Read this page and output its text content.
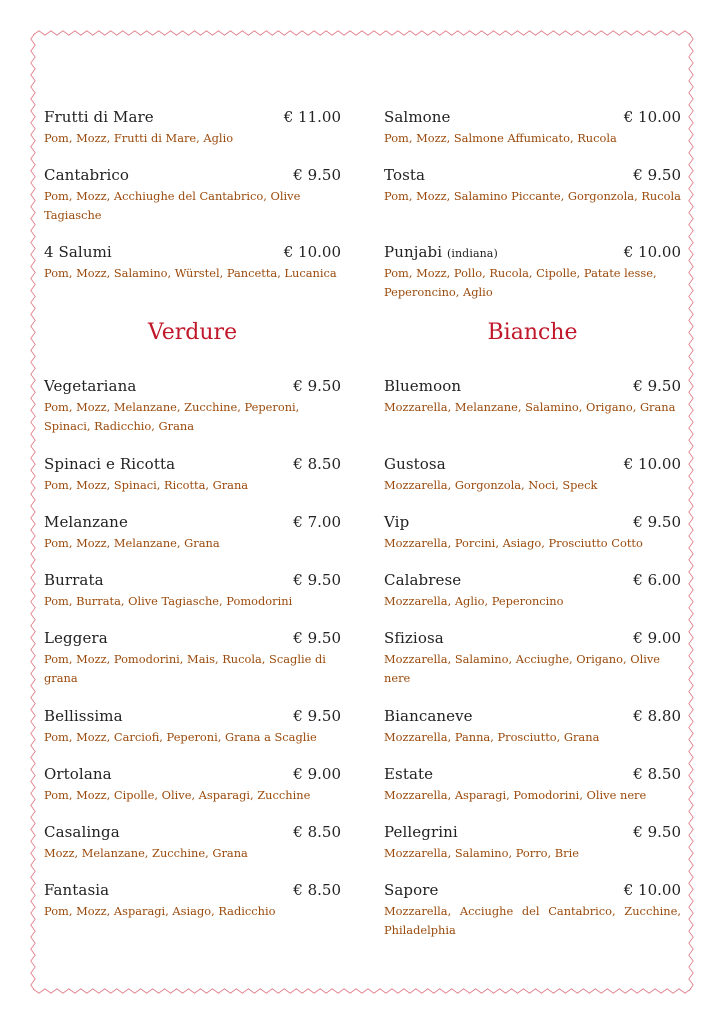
Frutti di Mare	€ 11.00
Pom, Mozz, Frutti di Mare, Aglio
Cantabrico	€ 9.50
Pom, Mozz, Acchiughe del Cantabrico, Olive Tagiasche
4 Salumi	€ 10.00
Pom, Mozz, Salamino, Würstel, Pancetta, Lucanica
Verdure
Vegetariana	€ 9.50
Pom, Mozz, Melanzane, Zucchine, Peperoni, Spinaci, Radicchio, Grana
Spinaci e Ricotta	€ 8.50
Pom, Mozz, Spinaci, Ricotta, Grana
Melanzane	€ 7.00
Pom, Mozz, Melanzane, Grana
Burrata	€ 9.50
Pom, Burrata, Olive Tagiasche, Pomodorini
Leggera	€ 9.50
Pom, Mozz, Pomodorini, Mais, Rucola, Scaglie di grana
Bellissima	€ 9.50
Pom, Mozz, Carciofi, Peperoni, Grana a Scaglie
Ortolana	€ 9.00
Pom, Mozz, Cipolle, Olive, Asparagi, Zucchine
Casalinga	€ 8.50
Mozz, Melanzane, Zucchine, Grana
Fantasia	€ 8.50
Pom, Mozz, Asparagi, Asiago, Radicchio
Salmone	€ 10.00
Pom, Mozz, Salmone Affumicato, Rucola
Tosta	€ 9.50
Pom, Mozz, Salamino Piccante, Gorgonzola, Rucola
Punjabi (indiana)	€ 10.00
Pom, Mozz, Pollo, Rucola, Cipolle, Patate lesse, Peperoncino, Aglio
Bianche
Bluemoon	€ 9.50
Mozzarella, Melanzane, Salamino, Origano, Grana
Gustosa	€ 10.00
Mozzarella, Gorgonzola, Noci, Speck
Vip	€ 9.50
Mozzarella, Porcini, Asiago, Prosciutto Cotto
Calabrese	€ 6.00
Mozzarella, Aglio, Peperoncino
Sfiziosa	€ 9.00
Mozzarella, Salamino, Acciughe, Origano, Olive nere
Biancaneve	€ 8.80
Mozzarella, Panna, Prosciutto, Grana
Estate	€ 8.50
Mozzarella, Asparagi, Pomodorini, Olive nere
Pellegrini	€ 9.50
Mozzarella, Salamino, Porro, Brie
Sapore	€ 10.00
Mozzarella, Acciughe del Cantabrico, Zucchine, Philadelphia
